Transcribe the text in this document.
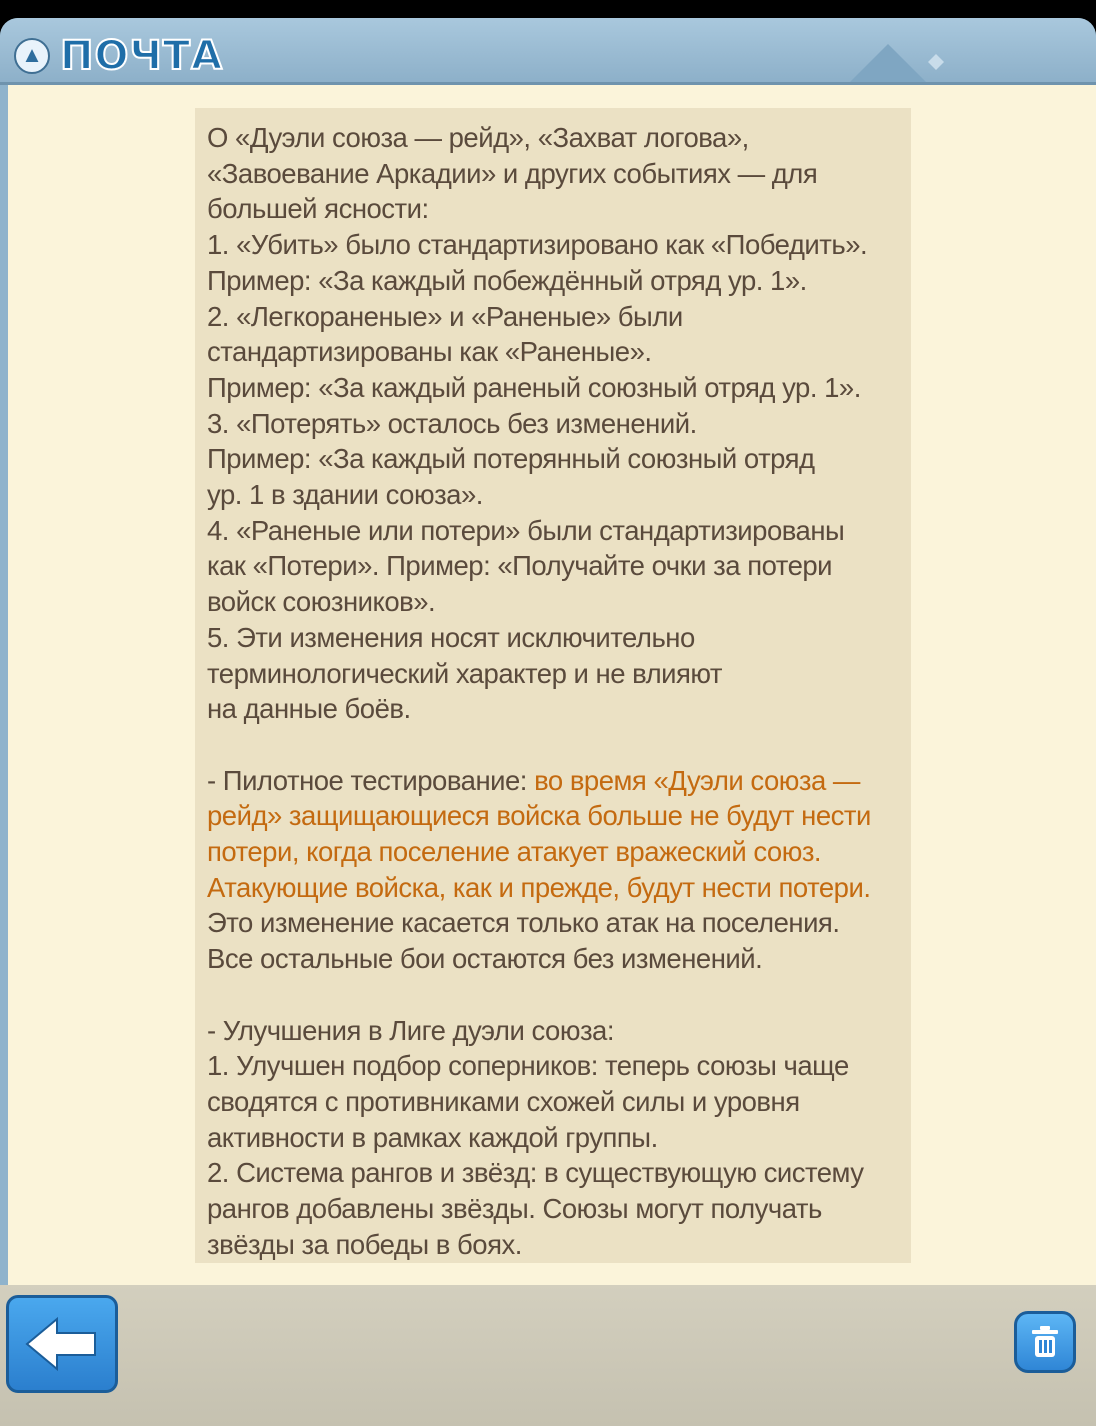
▲ ПОЧТА

О «Дуэли союза — рейд», «Захват логова»,

«Завоевание Аркадии» и других событиях — для

большей ясности:

1. «Убить» было стандартизировано как «Победить».

Пример: «За каждый побеждённый отряд ур. 1».

2. «Легкораненые» и «Раненые» были

стандартизированы как «Раненые».

Пример: «За каждый раненый союзный отряд ур. 1».

3. «Потерять» осталось без изменений.

Пример: «За каждый потерянный союзный отряд

ур. 1 в здании союза».

4. «Раненые или потери» были стандартизированы

как «Потери». Пример: «Получайте очки за потери

войск союзников».

5. Эти изменения носят исключительно

терминологический характер и не влияют

на данные боёв.

- Пилотное тестирование: во время «Дуэли союза —

рейд» защищающиеся войска больше не будут нести

потери, когда поселение атакует вражеский союз.

Атакующие войска, как и прежде, будут нести потери.

Это изменение касается только атак на поселения.

Все остальные бои остаются без изменений.

- Улучшения в Лиге дуэли союза:

1. Улучшен подбор соперников: теперь союзы чаще

сводятся с противниками схожей силы и уровня

активности в рамках каждой группы.

2. Система рангов и звёзд: в существующую систему

рангов добавлены звёзды. Союзы могут получать

звёзды за победы в боях.
